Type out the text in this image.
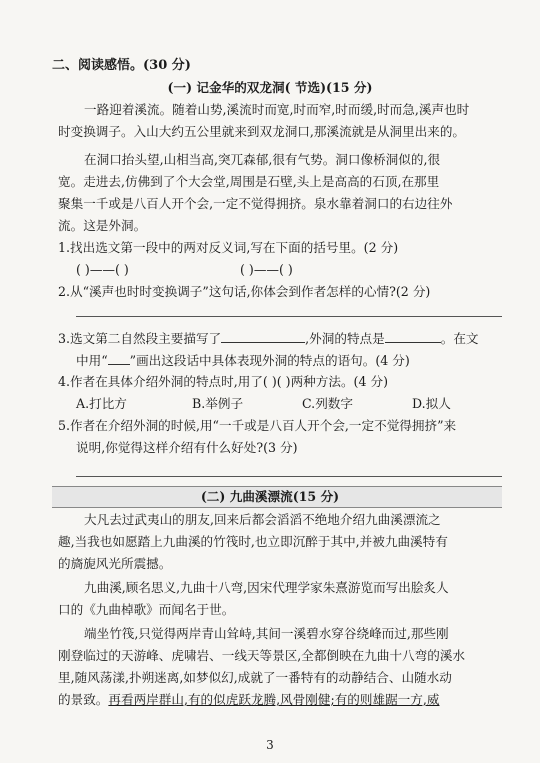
二、阅读感悟。(30 分)
(一) 记金华的双龙洞( 节选)(15 分)
一路迎着溪流。随着山势,溪流时而宽,时而窄,时而缓,时而急,溪声也时
时变换调子。入山大约五公里就来到双龙洞口,那溪流就是从洞里出来的。
在洞口抬头望,山相当高,突兀森郁,很有气势。洞口像桥洞似的,很
宽。走进去,仿佛到了个大会堂,周围是石壁,头上是高高的石顶,在那里
聚集一千或是八百人开个会,一定不觉得拥挤。泉水靠着洞口的右边往外
流。这是外洞。
1.找出选文第一段中的两对反义词,写在下面的括号里。(2 分)
( )——( )	( )——( )
2.从“溪声也时时变换调子”这句话,你体会到作者怎样的心情?(2 分)
3.选文第二自然段主要描写了	,外洞的特点是	。在文
中用“ ”画出这段话中具体表现外洞的特点的语句。(4 分)
4.作者在具体介绍外洞的特点时,用了( )( )两种方法。(4 分)
A.打比方	B.举例子	C.列数字	D.拟人
5.作者在介绍外洞的时候,用“一千或是八百人开个会,一定不觉得拥挤”来
说明,你觉得这样介绍有什么好处?(3 分)
(二) 九曲溪漂流(15 分)
大凡去过武夷山的朋友,回来后都会滔滔不绝地介绍九曲溪漂流之
趣,当我也如愿踏上九曲溪的竹筏时,也立即沉醉于其中,并被九曲溪特有
的旖旎风光所震撼。
九曲溪,顾名思义,九曲十八弯,因宋代理学家朱熹游览而写出脍炙人
口的《九曲棹歌》而闻名于世。
端坐竹筏,只觉得两岸青山耸峙,其间一溪碧水穿谷绕峰而过,那些刚
刚登临过的天游峰、虎啸岩、一线天等景区,全都倒映在九曲十八弯的溪水
里,随风荡漾,扑朔迷离,如梦似幻,成就了一番特有的动静结合、山随水动
的景致。再看两岸群山,有的似虎跃龙腾,风骨刚健;有的则雄踞一方,威
3
